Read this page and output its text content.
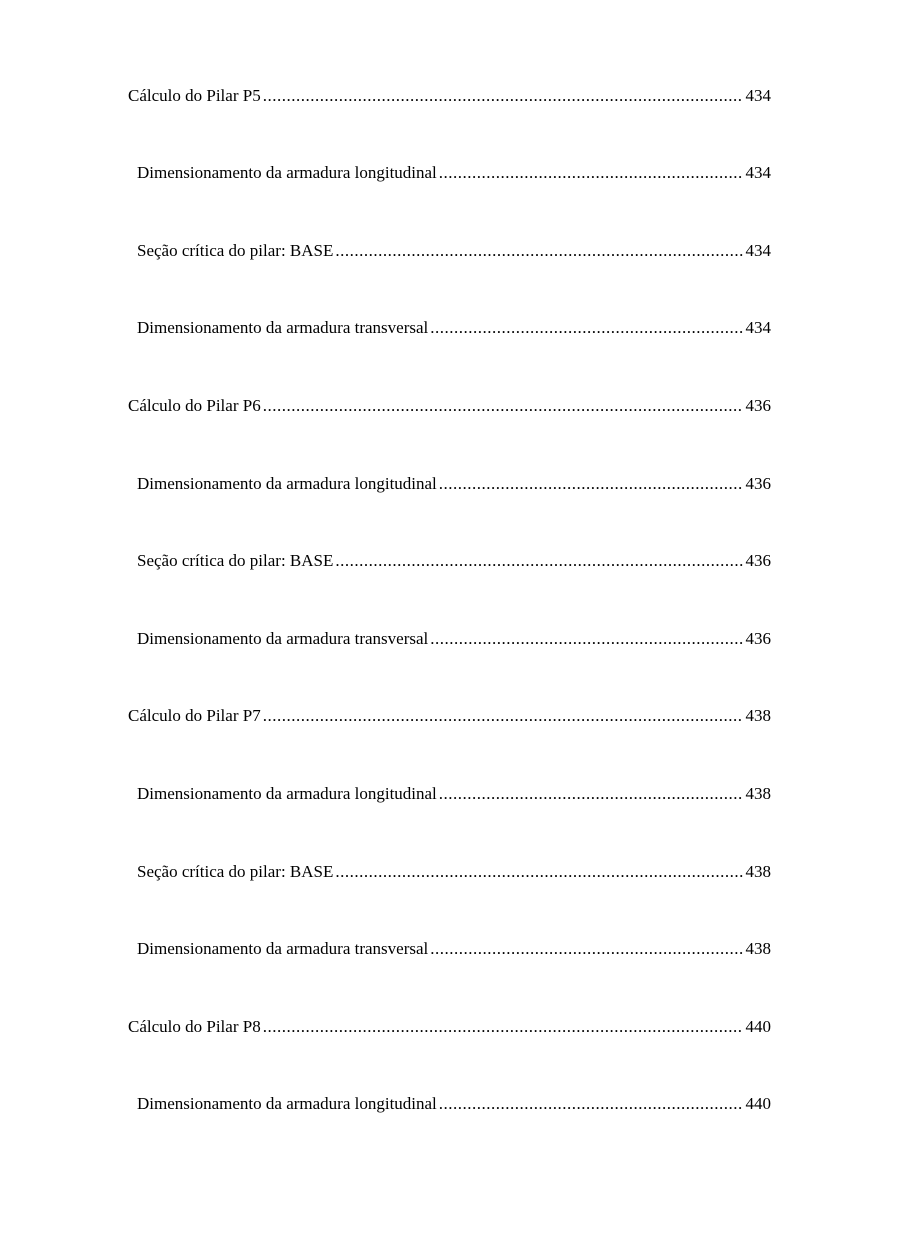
Cálculo do Pilar P5 .....	434
Dimensionamento da armadura longitudinal .....	434
Seção crítica do pilar: BASE .....	434
Dimensionamento da armadura transversal .....	434
Cálculo do Pilar P6 .....	436
Dimensionamento da armadura longitudinal .....	436
Seção crítica do pilar: BASE .....	436
Dimensionamento da armadura transversal .....	436
Cálculo do Pilar P7 .....	438
Dimensionamento da armadura longitudinal .....	438
Seção crítica do pilar: BASE .....	438
Dimensionamento da armadura transversal .....	438
Cálculo do Pilar P8 .....	440
Dimensionamento da armadura longitudinal .....	440
